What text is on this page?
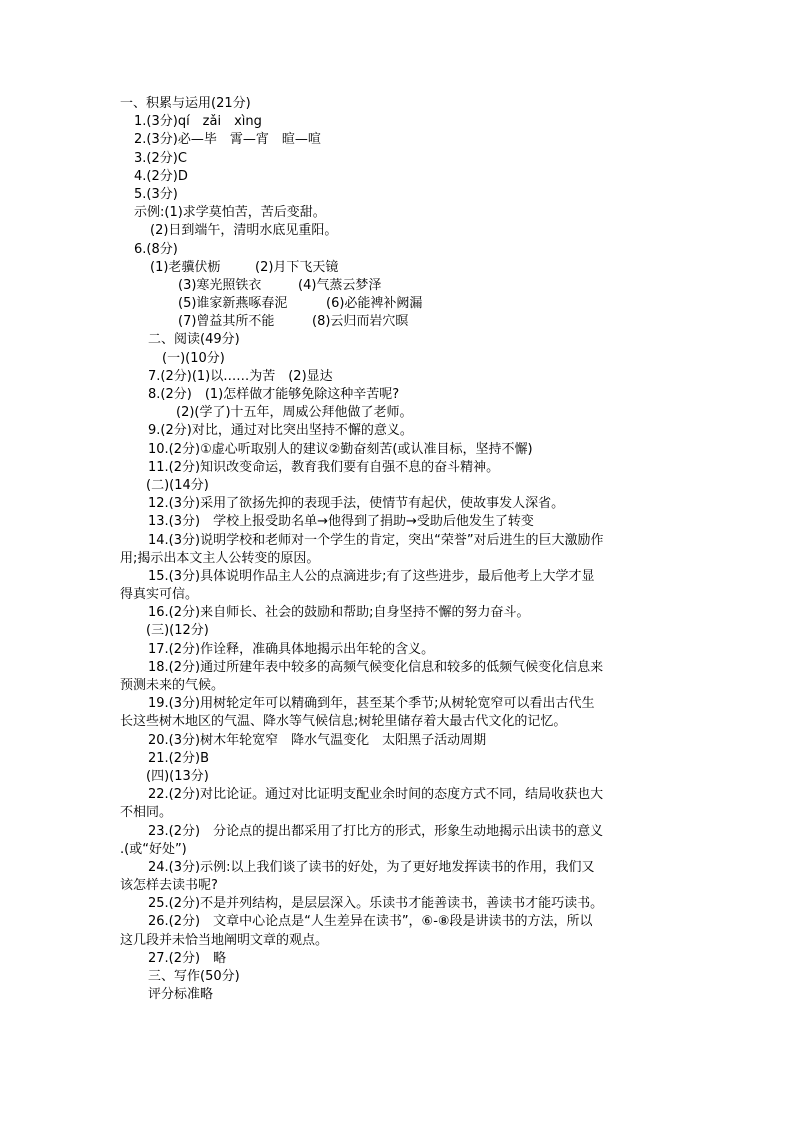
一、积累与运用(21分)
1.(3分)qí　zǎi　xìng
2.(3分)必—毕　霄—宵　暄—喧
3.(2分)C
4.(2分)D
5.(3分)
示例:(1)求学莫怕苦，苦后变甜。
(2)日到端午，清明水底见重阳。
6.(8分)
(1)老骥伏枥	(2)月下飞天镜
(3)寒光照铁衣	(4)气蒸云梦泽
(5)谁家新燕啄春泥	(6)必能裨补阙漏
(7)曾益其所不能	(8)云归而岩穴暝
二、阅读(49分)
(一)(10分)
7.(2分)(1)以……为苦　(2)显达
8.(2分)　(1)怎样做才能够免除这种辛苦呢?
(2)(学了)十五年，周威公拜他做了老师。
9.(2分)对比，通过对比突出坚持不懈的意义。
10.(2分)①虚心听取别人的建议②勤奋刻苦(或认准目标，坚持不懈)
11.(2分)知识改变命运，教育我们要有自强不息的奋斗精神。
(二)(14分)
12.(3分)采用了欲扬先抑的表现手法，使情节有起伏，使故事发人深省。
13.(3分)　学校上报受助名单→他得到了捐助→受助后他发生了转变
14.(3分)说明学校和老师对一个学生的肯定，突出“荣誉”对后进生的巨大激励作
用;揭示出本文主人公转变的原因。
15.(3分)具体说明作品主人公的点滴进步;有了这些进步，最后他考上大学才显
得真实可信。
16.(2分)来自师长、社会的鼓励和帮助;自身坚持不懈的努力奋斗。
(三)(12分)
17.(2分)作诠释，准确具体地揭示出年轮的含义。
18.(2分)通过所建年表中较多的高频气候变化信息和较多的低频气候变化信息来
预测未来的气候。
19.(3分)用树轮定年可以精确到年，甚至某个季节;从树轮宽窄可以看出古代生
长这些树木地区的气温、降水等气候信息;树轮里储存着大最古代文化的记忆。
20.(3分)树木年轮宽窄　降水气温变化　太阳黑子活动周期
21.(2分)B
(四)(13分)
22.(2分)对比论证。通过对比证明支配业余时间的态度方式不同，结局收获也大
不相同。
23.(2分)　分论点的提出都采用了打比方的形式，形象生动地揭示出读书的意义
.(或“好处”)
24.(3分)示例:以上我们谈了读书的好处，为了更好地发挥读书的作用，我们又
该怎样去读书呢?
25.(2分)不是并列结构，是层层深入。乐读书才能善读书，善读书才能巧读书。
26.(2分)　文章中心论点是“人生差异在读书”，⑥-⑧段是讲读书的方法，所以
这几段并未恰当地阐明文章的观点。
27.(2分)　略
三、写作(50分)
评分标准略
